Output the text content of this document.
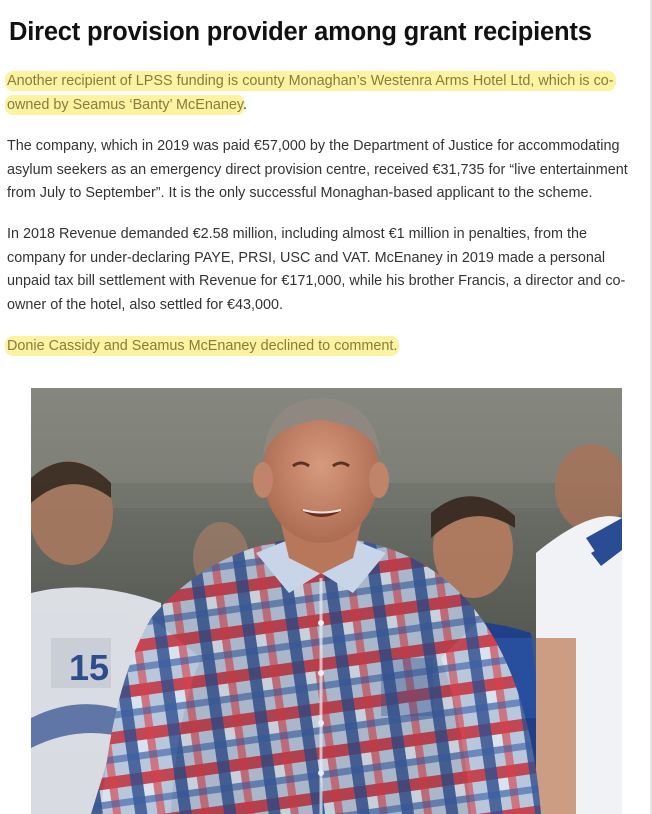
Direct provision provider among grant recipients

Another recipient of LPSS funding is county Monaghan’s Westenra Arms Hotel Ltd, which is co-owned by Seamus ‘Banty’ McEnaney.

The company, which in 2019 was paid €57,000 by the Department of Justice for accommodating asylum seekers as an emergency direct provision centre, received €31,735 for “live entertainment from July to September”. It is the only successful Monaghan-based applicant to the scheme.

In 2018 Revenue demanded €2.58 million, including almost €1 million in penalties, from the company for under-declaring PAYE, PRSI, USC and VAT. McEnaney in 2019 made a personal unpaid tax bill settlement with Revenue for €171,000, while his brother Francis, a director and co-owner of the hotel, also settled for €43,000.

Donie Cassidy and Seamus McEnaney declined to comment.

15
